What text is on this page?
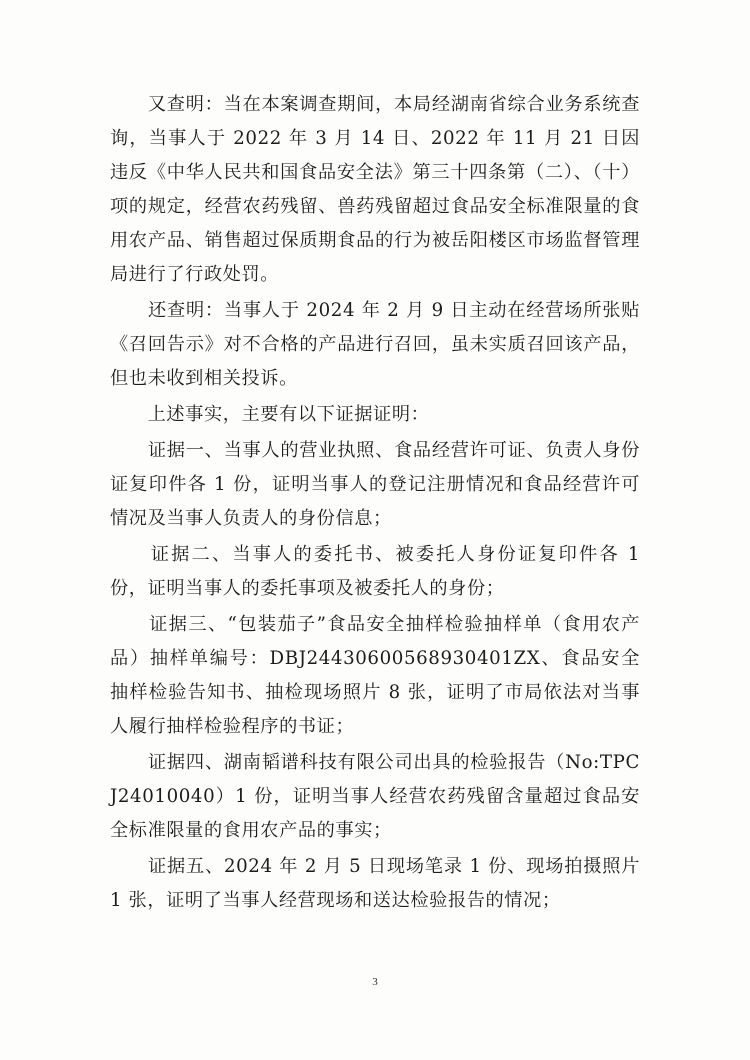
　　又查明：当在本案调查期间，本局经湖南省综合业务系统查询，当事人于 2022 年 3 月 14 日、2022 年 11 月 21 日因违反《中华人民共和国食品安全法》第三十四条第（二）、（十）项的规定，经营农药残留、兽药残留超过食品安全标准限量的食用农产品、销售超过保质期食品的行为被岳阳楼区市场监督管理局进行了行政处罚。

　　还查明：当事人于 2024 年 2 月 9 日主动在经营场所张贴《召回告示》对不合格的产品进行召回，虽未实质召回该产品，但也未收到相关投诉。

　　上述事实，主要有以下证据证明：

　　证据一、当事人的营业执照、食品经营许可证、负责人身份证复印件各 1 份，证明当事人的登记注册情况和食品经营许可情况及当事人负责人的身份信息；

　　证据二、当事人的委托书、被委托人身份证复印件各 1 份，证明当事人的委托事项及被委托人的身份；

　　证据三、“包装茄子”食品安全抽样检验抽样单（食用农产品）抽样单编号：DBJ24430600568930401ZX、食品安全抽样检验告知书、抽检现场照片 8 张，证明了市局依法对当事人履行抽样检验程序的书证；

　　证据四、湖南韬谱科技有限公司出具的检验报告（No:TPCJ24010040）1 份，证明当事人经营农药残留含量超过食品安全标准限量的食用农产品的事实；

　　证据五、2024 年 2 月 5 日现场笔录 1 份、现场拍摄照片 1 张，证明了当事人经营现场和送达检验报告的情况；

3
